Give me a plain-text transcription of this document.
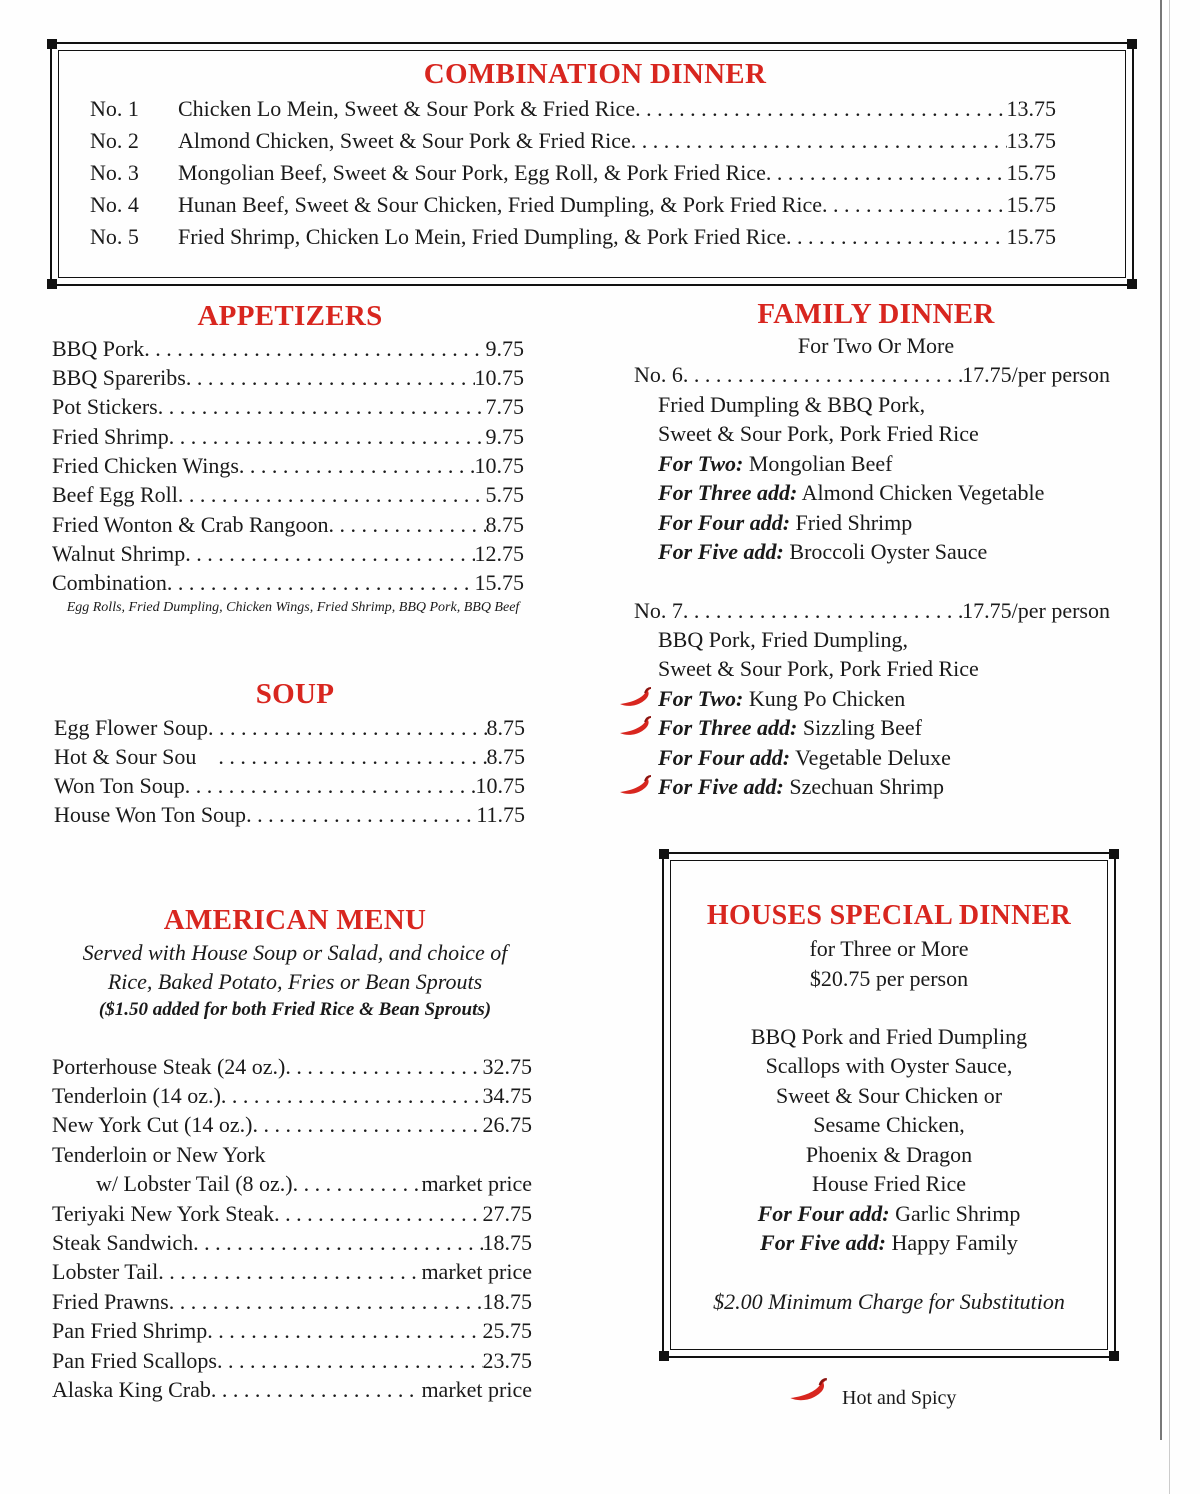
COMBINATION DINNER
No. 1 Chicken Lo Mein, Sweet & Sour Pork & Fried Rice . . .	13.75
No. 2 Almond Chicken, Sweet & Sour Pork & Fried Rice . . .	13.75
No. 3 Mongolian Beef, Sweet & Sour Pork, Egg Roll, & Pork Fried Rice . . .	15.75
No. 4 Hunan Beef, Sweet & Sour Chicken, Fried Dumpling, & Pork Fried Rice . . .	15.75
No. 5 Fried Shrimp, Chicken Lo Mein, Fried Dumpling, & Pork Fried Rice . . .	15.75
APPETIZERS
BBQ Pork . . .	9.75
BBQ Spareribs . . .	10.75
Pot Stickers . . .	7.75
Fried Shrimp . . .	9.75
Fried Chicken Wings . . .	10.75
Beef Egg Roll . . .	5.75
Fried Wonton & Crab Rangoon . . .	8.75
Walnut Shrimp . . .	12.75
Combination . . .	15.75
Egg Rolls, Fried Dumpling, Chicken Wings, Fried Shrimp, BBQ Pork, BBQ Beef
SOUP
Egg Flower Soup . . .	8.75
Hot & Sour Sou . . .	8.75
Won Ton Soup . . .	10.75
House Won Ton Soup . . .	11.75
AMERICAN MENU
Served with House Soup or Salad, and choice of
Rice, Baked Potato, Fries or Bean Sprouts
($1.50 added for both Fried Rice & Bean Sprouts)
Porterhouse Steak (24 oz.) . . .	32.75
Tenderloin (14 oz.) . . .	34.75
New York Cut (14 oz.) . . .	26.75
Tenderloin or New York
w/ Lobster Tail (8 oz.) . . .	market price
Teriyaki New York Steak . . .	27.75
Steak Sandwich . . .	18.75
Lobster Tail . . .	market price
Fried Prawns . . .	18.75
Pan Fried Shrimp . . .	25.75
Pan Fried Scallops . . .	23.75
Alaska King Crab . . .	market price
FAMILY DINNER
For Two Or More
No. 6 . . .	17.75/per person
Fried Dumpling & BBQ Pork,
Sweet & Sour Pork, Pork Fried Rice
For Two: Mongolian Beef
For Three add: Almond Chicken Vegetable
For Four add: Fried Shrimp
For Five add: Broccoli Oyster Sauce
No. 7 . . .	17.75/per person
BBQ Pork, Fried Dumpling,
Sweet & Sour Pork, Pork Fried Rice
For Two: Kung Po Chicken
For Three add: Sizzling Beef
For Four add: Vegetable Deluxe
For Five add: Szechuan Shrimp
HOUSES SPECIAL DINNER
for Three or More
$20.75 per person
BBQ Pork and Fried Dumpling
Scallops with Oyster Sauce,
Sweet & Sour Chicken or
Sesame Chicken,
Phoenix & Dragon
House Fried Rice
For Four add: Garlic Shrimp
For Five add: Happy Family
$2.00 Minimum Charge for Substitution
Hot and Spicy
